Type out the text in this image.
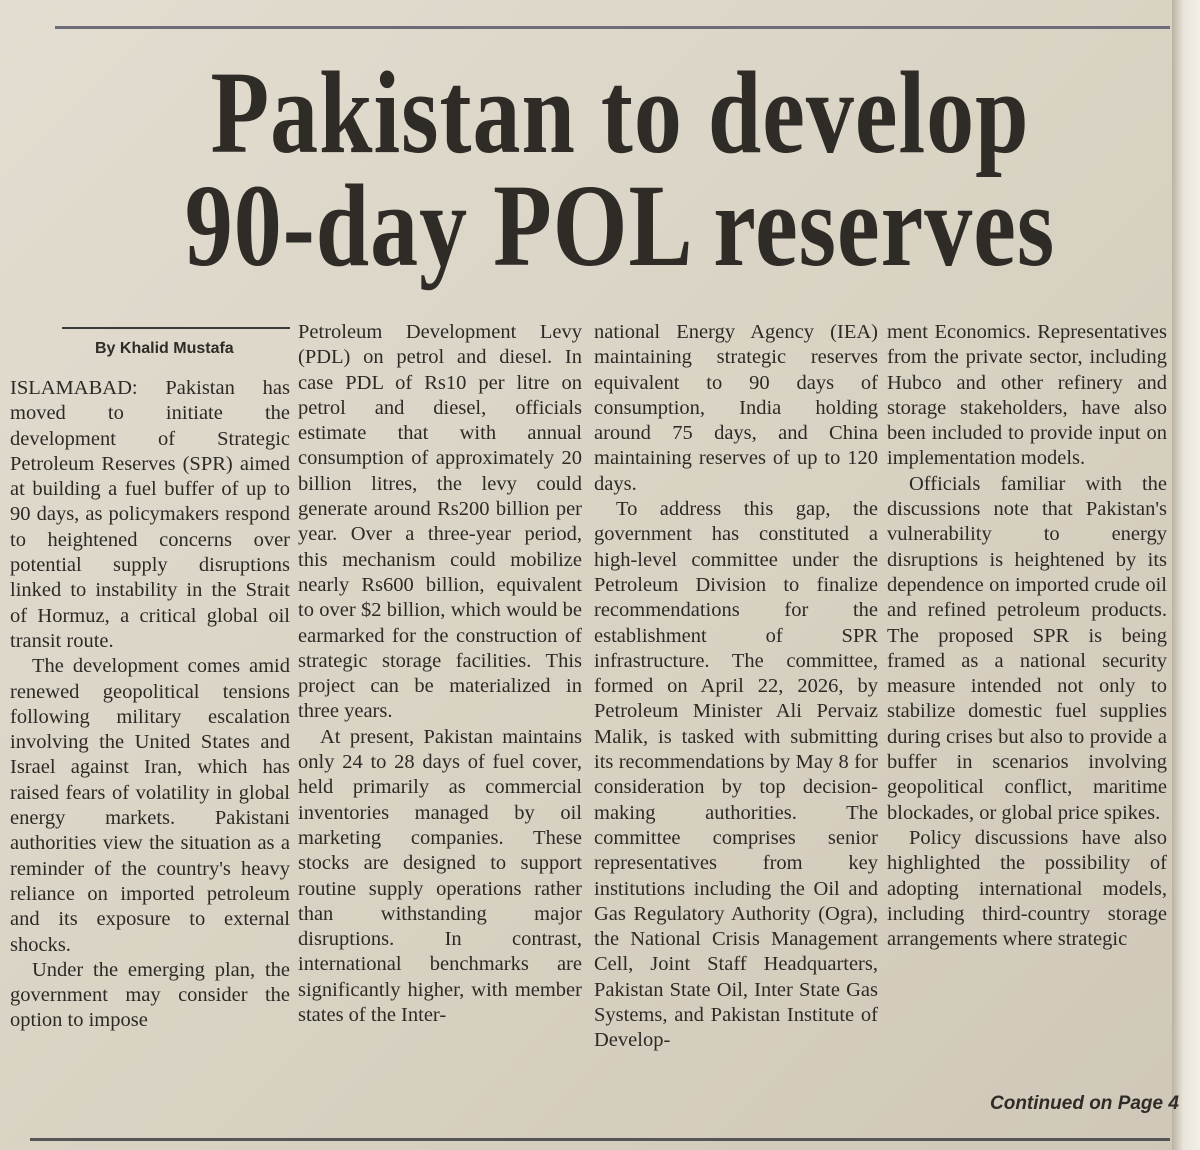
Pakistan to develop
90-day POL reserves
By Khalid Mustafa

ISLAMABAD: Pakistan has moved to initiate the development of Strategic Petroleum Reserves (SPR) aimed at building a fuel buffer of up to 90 days, as policymakers respond to heightened concerns over potential supply disruptions linked to instability in the Strait of Hormuz, a critical global oil transit route.

The development comes amid renewed geopolitical tensions following military escalation involving the United States and Israel against Iran, which has raised fears of volatility in global energy markets. Pakistani authorities view the situation as a reminder of the country's heavy reliance on imported petroleum and its exposure to external shocks.

Under the emerging plan, the government may consider the option to impose

Petroleum Development Levy (PDL) on petrol and diesel. In case PDL of Rs10 per litre on petrol and diesel, officials estimate that with annual consumption of approximately 20 billion litres, the levy could generate around Rs200 billion per year. Over a three-year period, this mechanism could mobilize nearly Rs600 billion, equivalent to over $2 billion, which would be earmarked for the construction of strategic storage facilities. This project can be materialized in three years.

At present, Pakistan maintains only 24 to 28 days of fuel cover, held primarily as commercial inventories managed by oil marketing companies. These stocks are designed to support routine supply operations rather than withstanding major disruptions. In contrast, international benchmarks are significantly higher, with member states of the Inter-

national Energy Agency (IEA) maintaining strategic reserves equivalent to 90 days of consumption, India holding around 75 days, and China maintaining reserves of up to 120 days.

To address this gap, the government has constituted a high-level committee under the Petroleum Division to finalize recommendations for the establishment of SPR infrastructure. The committee, formed on April 22, 2026, by Petroleum Minister Ali Pervaiz Malik, is tasked with submitting its recommendations by May 8 for consideration by top decision-making authorities. The committee comprises senior representatives from key institutions including the Oil and Gas Regulatory Authority (Ogra), the National Crisis Management Cell, Joint Staff Headquarters, Pakistan State Oil, Inter State Gas Systems, and Pakistan Institute of Develop-

ment Economics. Representatives from the private sector, including Hubco and other refinery and storage stakeholders, have also been included to provide input on implementation models.

Officials familiar with the discussions note that Pakistan's vulnerability to energy disruptions is heightened by its dependence on imported crude oil and refined petroleum products. The proposed SPR is being framed as a national security measure intended not only to stabilize domestic fuel supplies during crises but also to provide a buffer in scenarios involving geopolitical conflict, maritime blockades, or global price spikes.

Policy discussions have also highlighted the possibility of adopting international models, including third-country storage arrangements where strategic

Continued on Page 4
